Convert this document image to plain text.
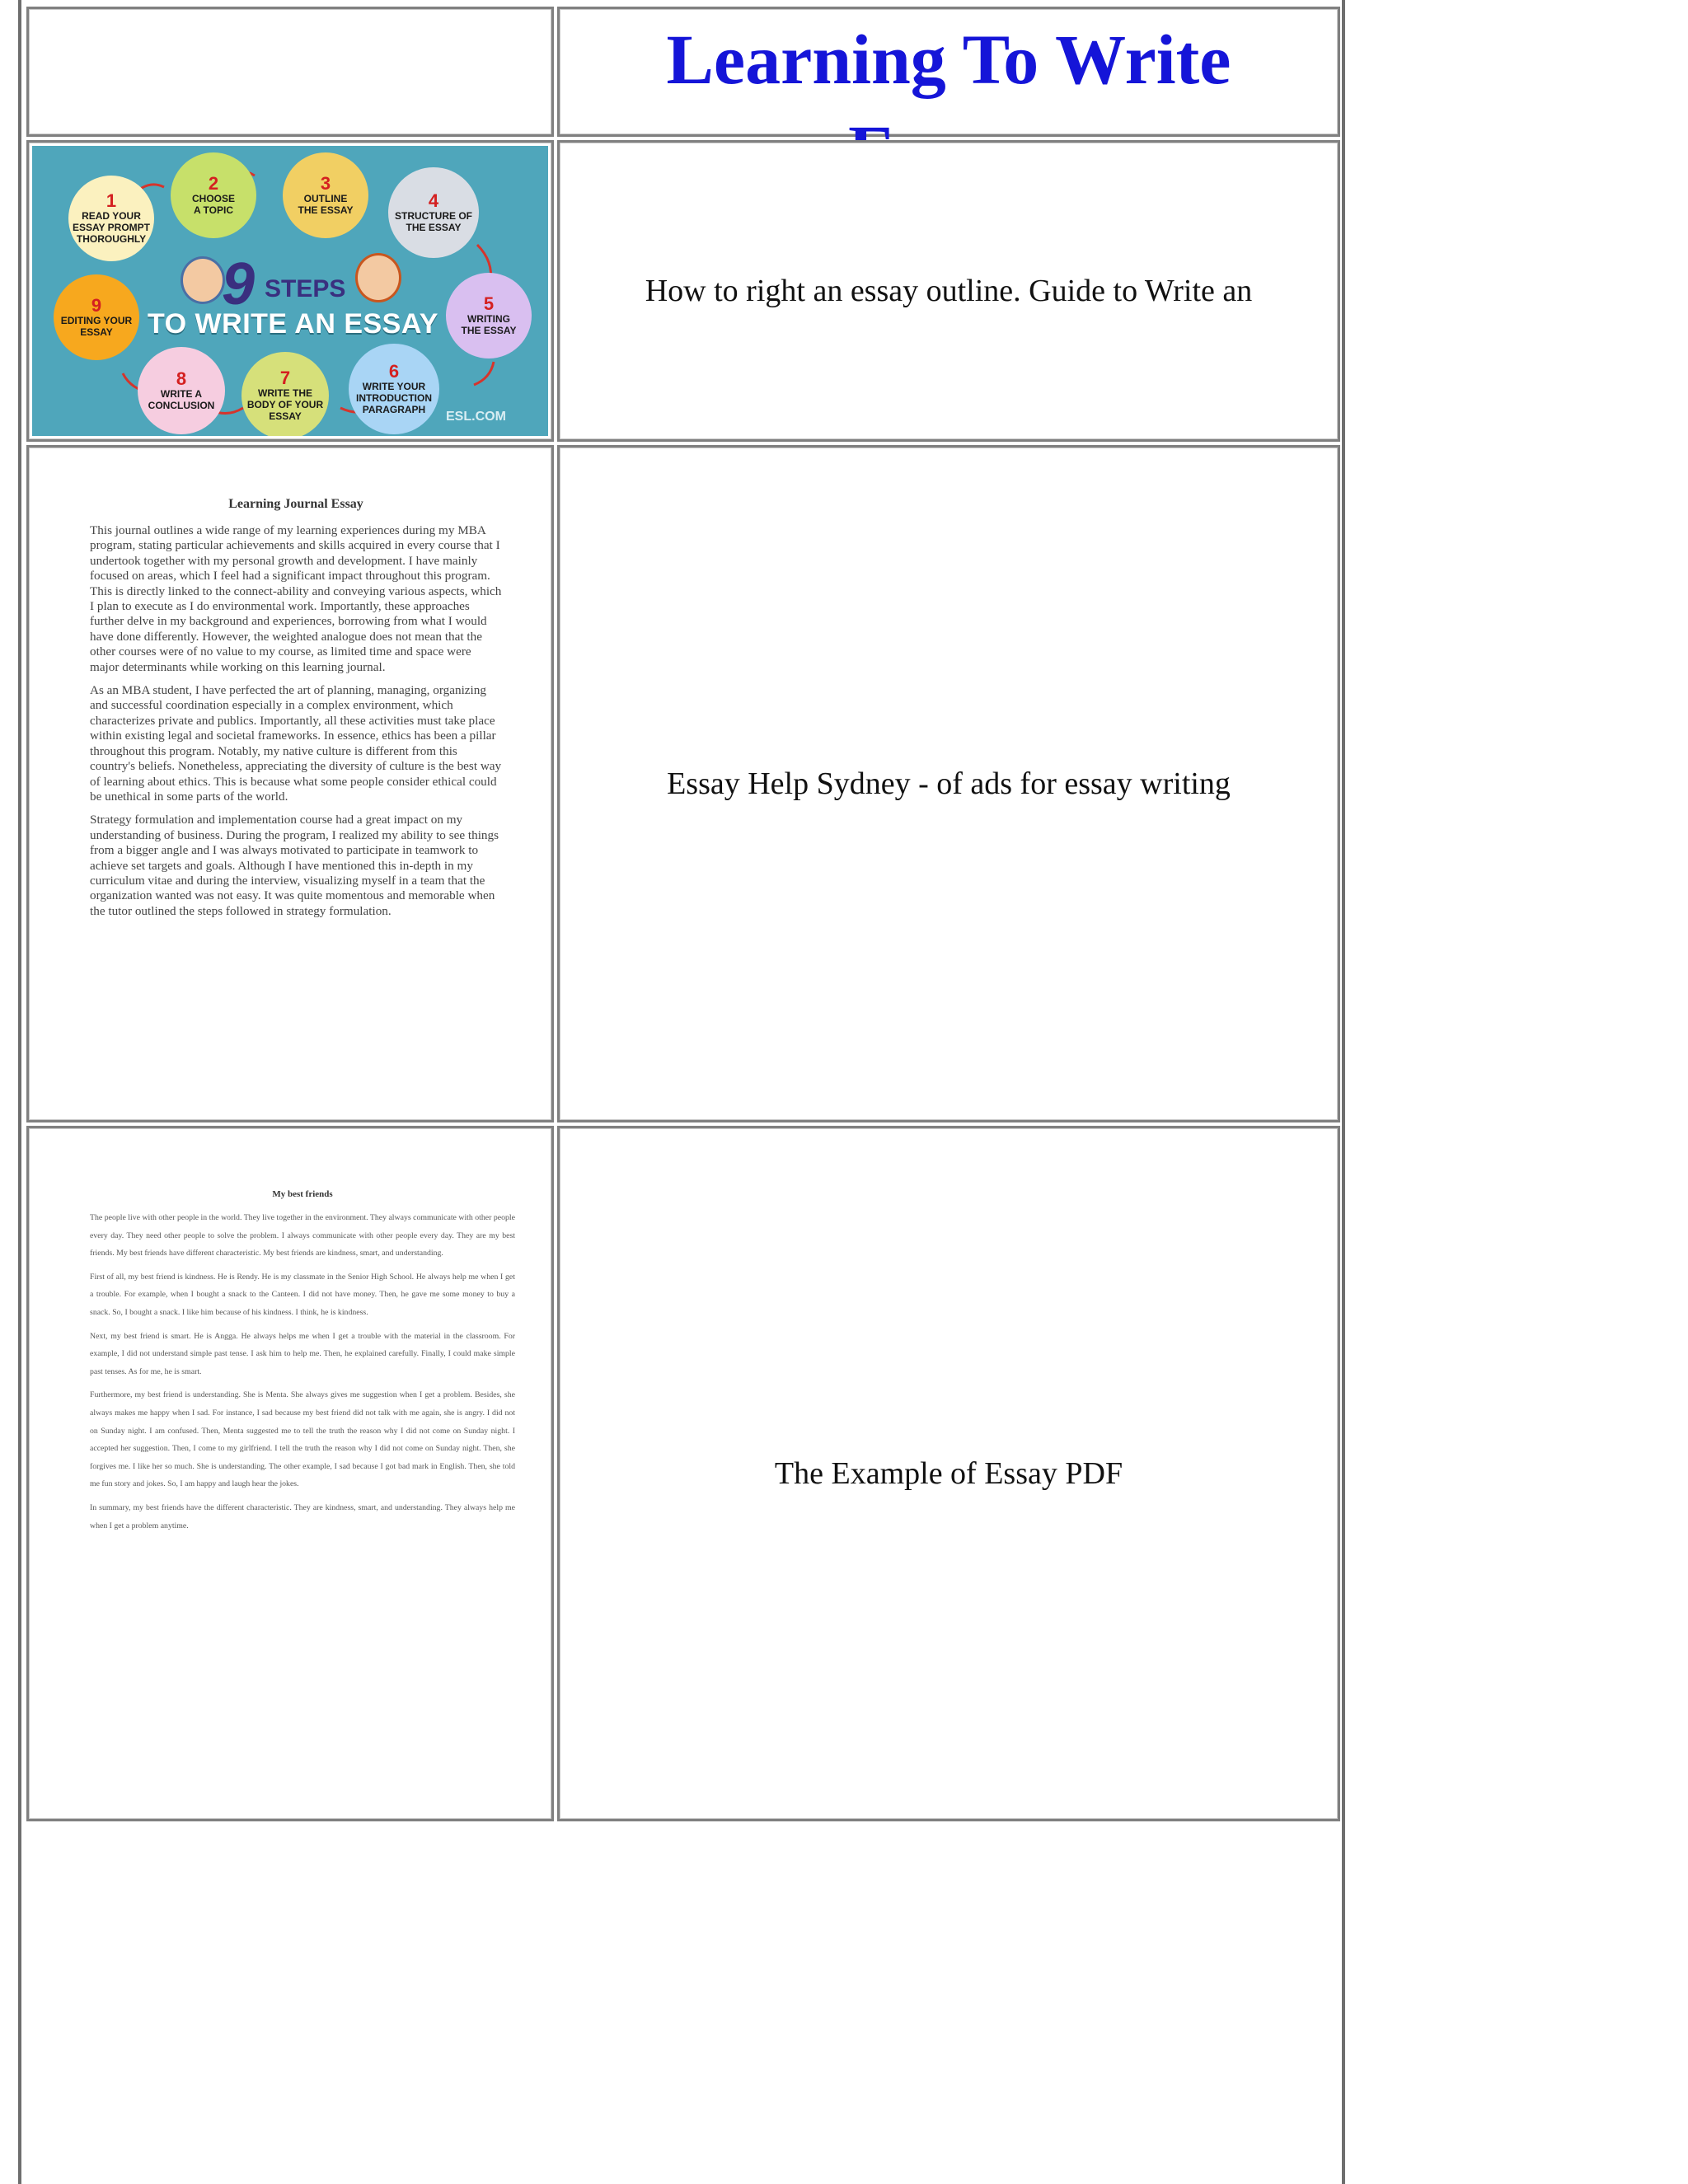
Learning To Write
1
READ YOUR
ESSAY PROMPT
THOROUGHLY
2
CHOOSE
A TOPIC
3
OUTLINE
THE ESSAY	4
STRUCTURE OF
THE ESSAY
5
WRITING
THE ESSAY
6
WRITE YOUR
INTRODUCTION
PARAGRAPH
7
WRITE THE
BODY OF YOUR
ESSAY
8
WRITE A
CONCLUSION
9
EDITING YOUR
ESSAY
9 STEPS
TO WRITE AN ESSAY
ESL.COM
How to right an essay outline. Guide to Write an
Learning Journal Essay

This journal outlines a wide range of my learning experiences during my MBA program, stating particular achievements and skills acquired in every course that I undertook together with my personal growth and development. I have mainly focused on areas, which I feel had a significant impact throughout this program. This is directly linked to the connect-ability and conveying various aspects, which I plan to execute as I do environmental work. Importantly, these approaches further delve in my background and experiences, borrowing from what I would have done differently. However, the weighted analogue does not mean that the other courses were of no value to my course, as limited time and space were major determinants while working on this learning journal.

As an MBA student, I have perfected the art of planning, managing, organizing and successful coordination especially in a complex environment, which characterizes private and publics. Importantly, all these activities must take place within existing legal and societal frameworks. In essence, ethics has been a pillar throughout this program. Notably, my native culture is different from this country's beliefs. Nonetheless, appreciating the diversity of culture is the best way of learning about ethics. This is because what some people consider ethical could be unethical in some parts of the world.

Strategy formulation and implementation course had a great impact on my understanding of business. During the program, I realized my ability to see things from a bigger angle and I was always motivated to participate in teamwork to achieve set targets and goals. Although I have mentioned this in-depth in my curriculum vitae and during the interview, visualizing myself in a team that the organization wanted was not easy. It was quite momentous and memorable when the tutor outlined the steps followed in strategy formulation.

Essay Help Sydney - of ads for essay writing
My best friends

The people live with other people in the world. They live together in the environment. They always communicate with other people every day. They need other people to solve the problem. I always communicate with other people every day. They are my best friends. My best friends have different characteristic. My best friends are kindness, smart, and understanding.

First of all, my best friend is kindness. He is Rendy. He is my classmate in the Senior High School. He always help me when I get a trouble. For example, when I bought a snack to the Canteen. I did not have money. Then, he gave me some money to buy a snack. So, I bought a snack. I like him because of his kindness. I think, he is kindness.

Next, my best friend is smart. He is Angga. He always helps me when I get a trouble with the material in the classroom. For example, I did not understand simple past tense. I ask him to help me. Then, he explained carefully. Finally, I could make simple past tenses. As for me, he is smart.

Furthermore, my best friend is understanding. She is Menta. She always gives me suggestion when I get a problem. Besides, she always makes me happy when I sad. For instance, I sad because my best friend did not talk with me again, she is angry. I did not on Sunday night. I am confused. Then, Menta suggested me to tell the truth the reason why I did not come on Sunday night. I accepted her suggestion. Then, I come to my girlfriend. I tell the truth the reason why I did not come on Sunday night. Then, she forgives me. I like her so much. She is understanding. The other example, I sad because I got bad mark in English. Then, she told me fun story and jokes. So, I am happy and laugh hear the jokes.

In summary, my best friends have the different characteristic. They are kindness, smart, and understanding. They always help me when I get a problem anytime.

The Example of Essay PDF
